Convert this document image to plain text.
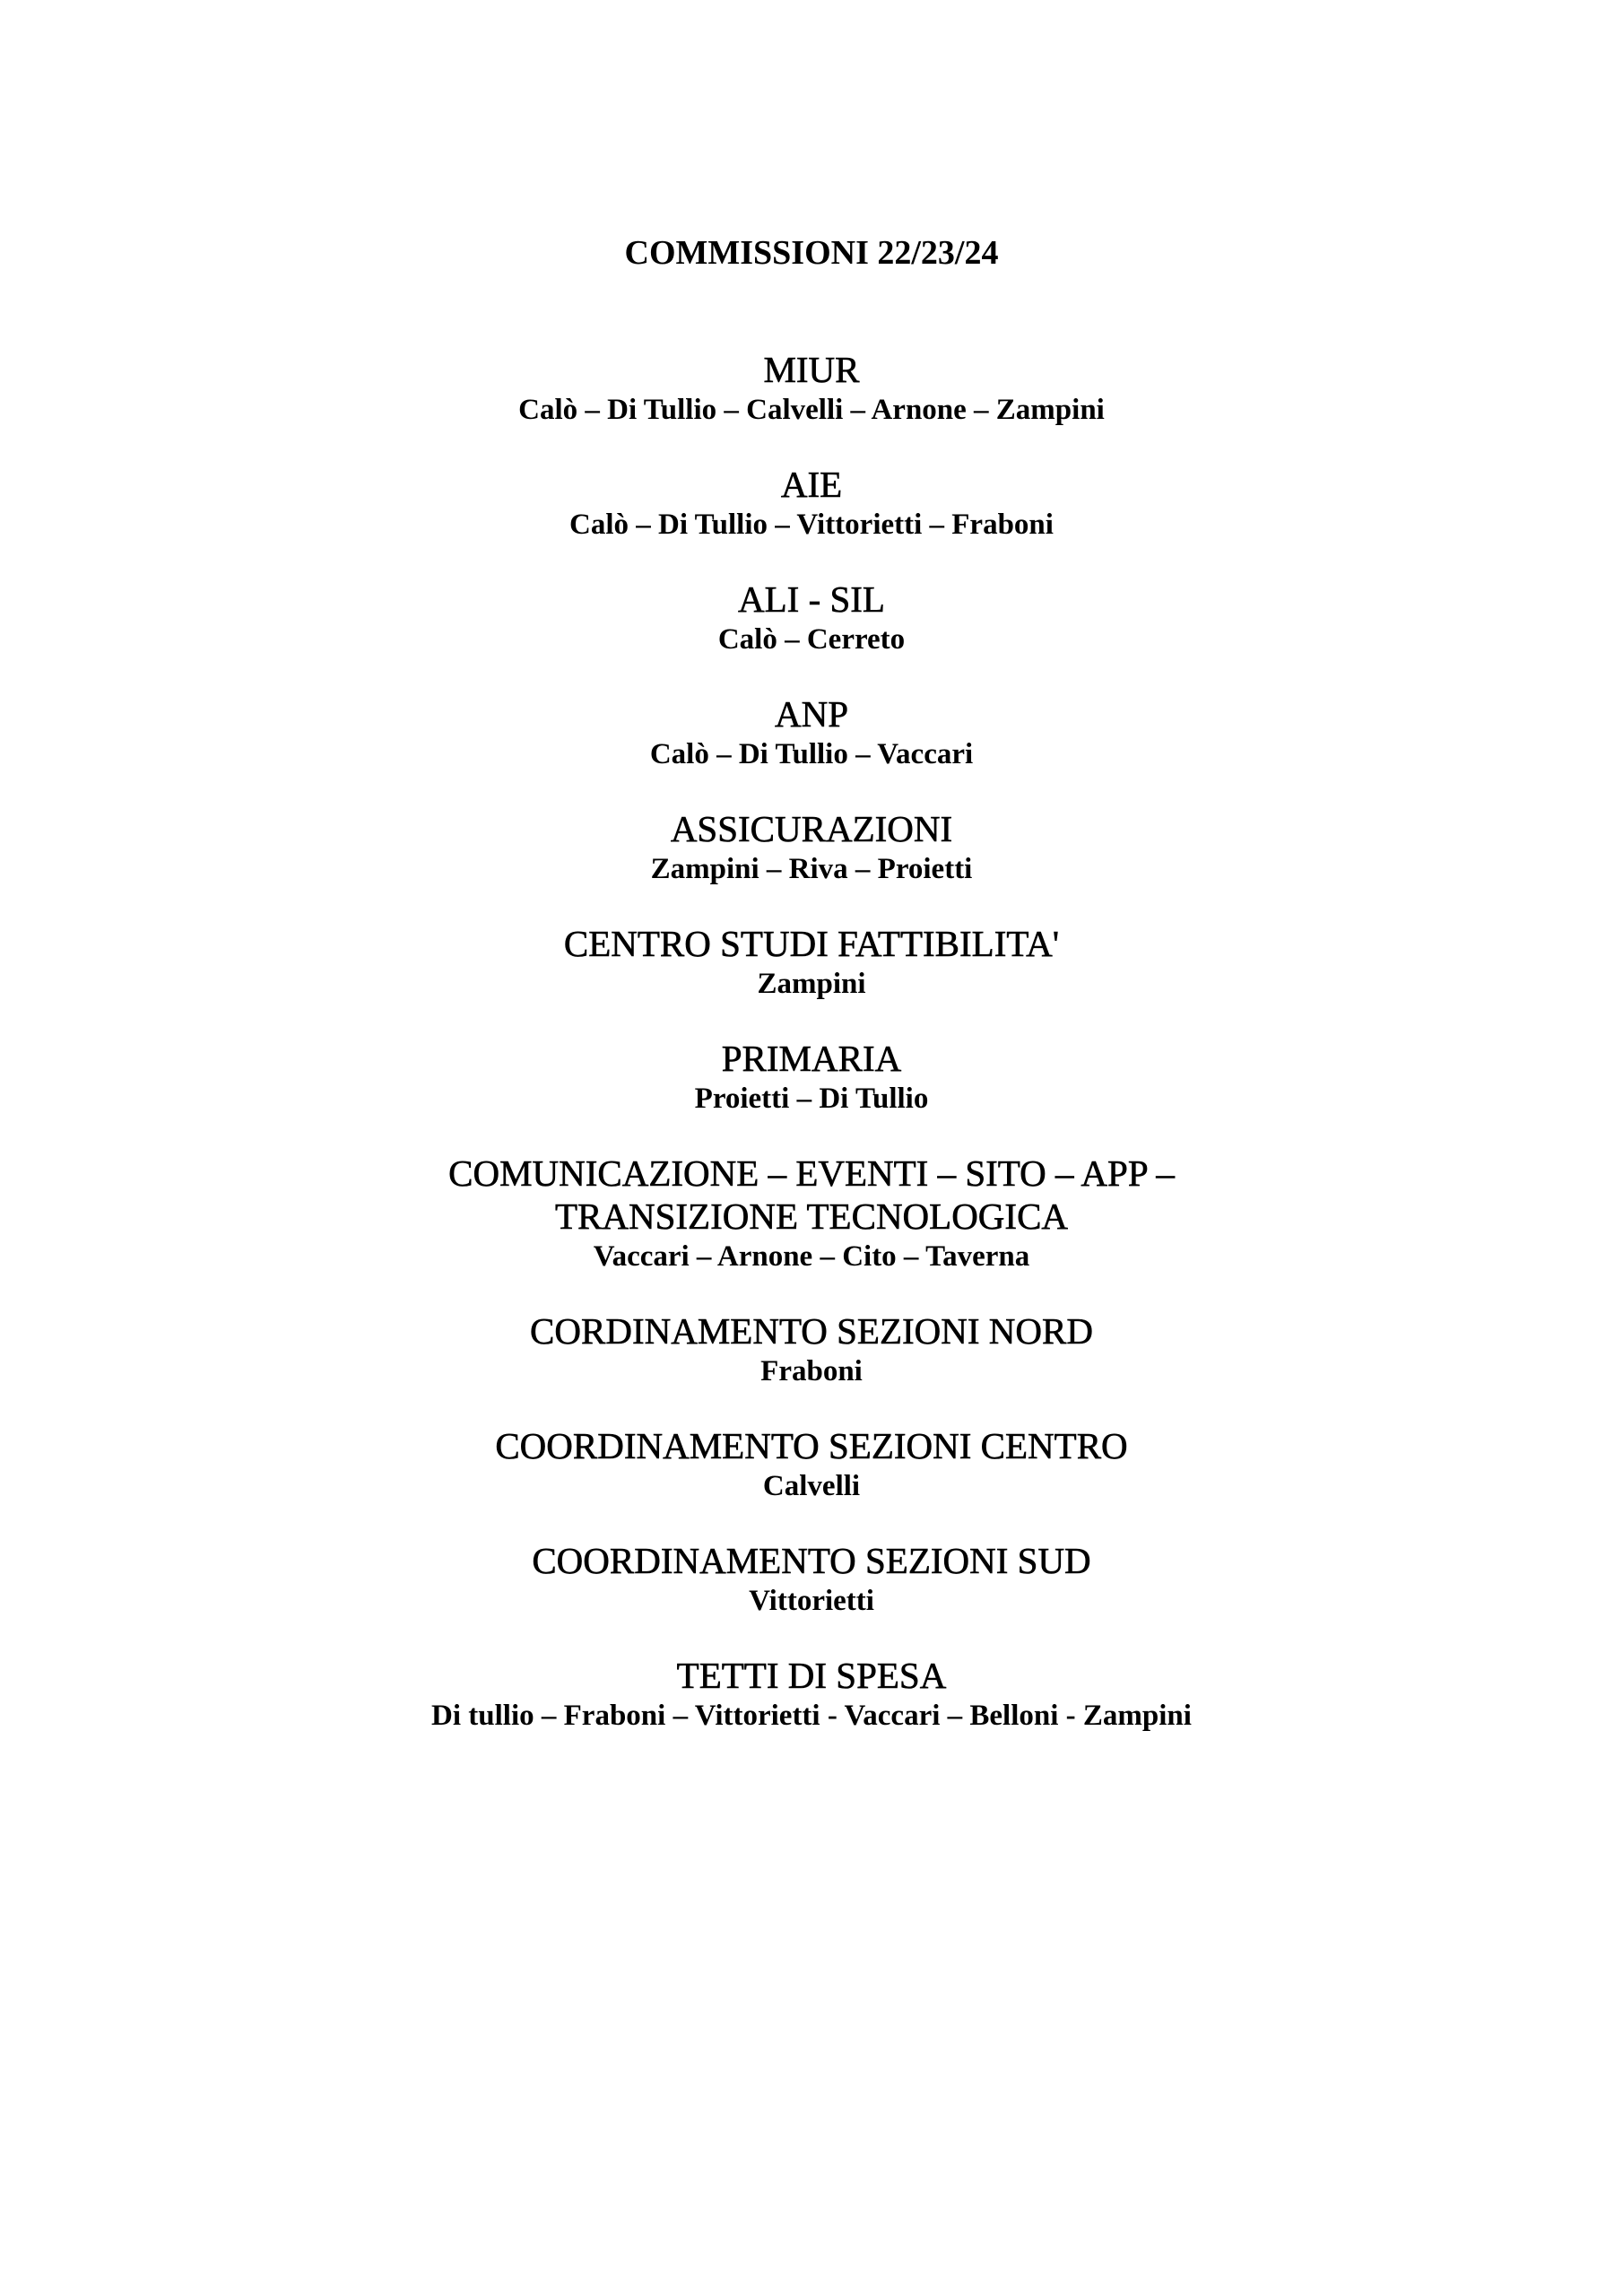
COMMISSIONI 22/23/24
MIUR

Calò – Di Tullio – Calvelli – Arnone – Zampini

AIE

Calò – Di Tullio – Vittorietti – Fraboni

ALI - SIL

Calò – Cerreto

ANP

Calò – Di Tullio – Vaccari

ASSICURAZIONI

Zampini – Riva – Proietti

CENTRO STUDI FATTIBILITA'

Zampini

PRIMARIA

Proietti – Di Tullio

COMUNICAZIONE – EVENTI – SITO – APP –
TRANSIZIONE TECNOLOGICA

Vaccari – Arnone – Cito – Taverna

CORDINAMENTO SEZIONI NORD

Fraboni

COORDINAMENTO SEZIONI CENTRO

Calvelli

COORDINAMENTO SEZIONI SUD

Vittorietti

TETTI DI SPESA

Di tullio – Fraboni – Vittorietti - Vaccari – Belloni - Zampini
